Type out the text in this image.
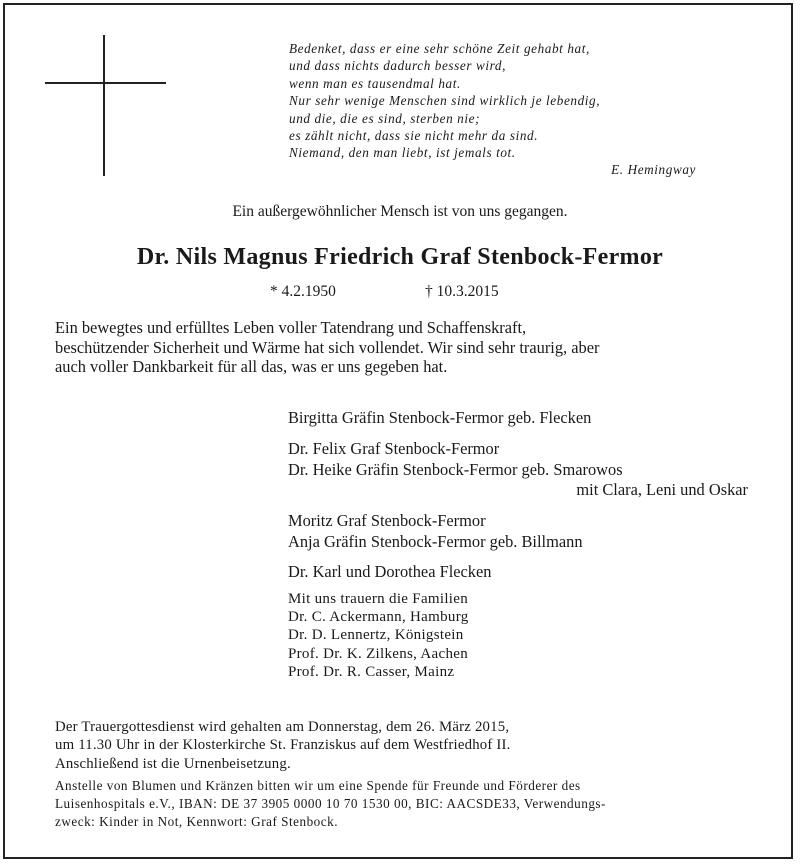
Bedenket, dass er eine sehr schöne Zeit gehabt hat,
und dass nichts dadurch besser wird,
wenn man es tausendmal hat.
Nur sehr wenige Menschen sind wirklich je lebendig,
und die, die es sind, sterben nie;
es zählt nicht, dass sie nicht mehr da sind.
Niemand, den man liebt, ist jemals tot.
E. Hemingway
Ein außergewöhnlicher Mensch ist von uns gegangen.
Dr. Nils Magnus Friedrich Graf Stenbock-Fermor
* 4.2.1950	† 10.3.2015
Ein bewegtes und erfülltes Leben voller Tatendrang und Schaffenskraft,
beschützender Sicherheit und Wärme hat sich vollendet. Wir sind sehr traurig, aber
auch voller Dankbarkeit für all das, was er uns gegeben hat.
Birgitta Gräfin Stenbock-Fermor geb. Flecken
Dr. Felix Graf Stenbock-Fermor
Dr. Heike Gräfin Stenbock-Fermor geb. Smarowos
mit Clara, Leni und Oskar
Moritz Graf Stenbock-Fermor
Anja Gräfin Stenbock-Fermor geb. Billmann
Dr. Karl und Dorothea Flecken
Mit uns trauern die Familien
Dr. C. Ackermann, Hamburg
Dr. D. Lennertz, Königstein
Prof. Dr. K. Zilkens, Aachen
Prof. Dr. R. Casser, Mainz
Der Trauergottesdienst wird gehalten am Donnerstag, dem 26. März 2015,
um 11.30 Uhr in der Klosterkirche St. Franziskus auf dem Westfriedhof II.
Anschließend ist die Urnenbeisetzung.
Anstelle von Blumen und Kränzen bitten wir um eine Spende für Freunde und Förderer des
Luisenhospitals e.V., IBAN: DE 37 3905 0000 10 70 1530 00, BIC: AACSDE33, Verwendungs-
zweck: Kinder in Not, Kennwort: Graf Stenbock.
